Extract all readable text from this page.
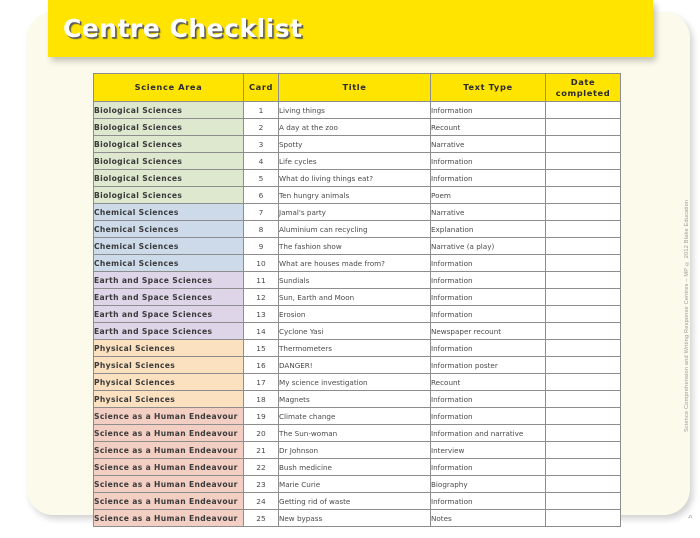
Centre Checklist
Science Area	Card	Title	Text Type	Date completed
Biological Sciences	1	Living things	Information	
Biological Sciences	2	A day at the zoo	Recount	
Biological Sciences	3	Spotty	Narrative	
Biological Sciences	4	Life cycles	Information	
Biological Sciences	5	What do living things eat?	Information	
Biological Sciences	6	Ten hungry animals	Poem	
Chemical Sciences	7	Jamal's party	Narrative	
Chemical Sciences	8	Aluminium can recycling	Explanation	
Chemical Sciences	9	The fashion show	Narrative (a play)	
Chemical Sciences	10	What are houses made from?	Information	
Earth and Space Sciences	11	Sundials	Information	
Earth and Space Sciences	12	Sun, Earth and Moon	Information	
Earth and Space Sciences	13	Erosion	Information	
Earth and Space Sciences	14	Cyclone Yasi	Newspaper recount	
Physical Sciences	15	Thermometers	Information	
Physical Sciences	16	DANGER!	Information poster	
Physical Sciences	17	My science investigation	Recount	
Physical Sciences	18	Magnets	Information	
Science as a Human Endeavour	19	Climate change	Information	
Science as a Human Endeavour	20	The Sun-woman	Information and narrative	
Science as a Human Endeavour	21	Dr Johnson	Interview	
Science as a Human Endeavour	22	Bush medicine	Information	
Science as a Human Endeavour	23	Marie Curie	Biography	
Science as a Human Endeavour	24	Getting rid of waste	Information	
Science as a Human Endeavour	25	New bypass	Notes	
Science Comprehension and Writing Response Centres – MP © 2012 Blake Education
5
